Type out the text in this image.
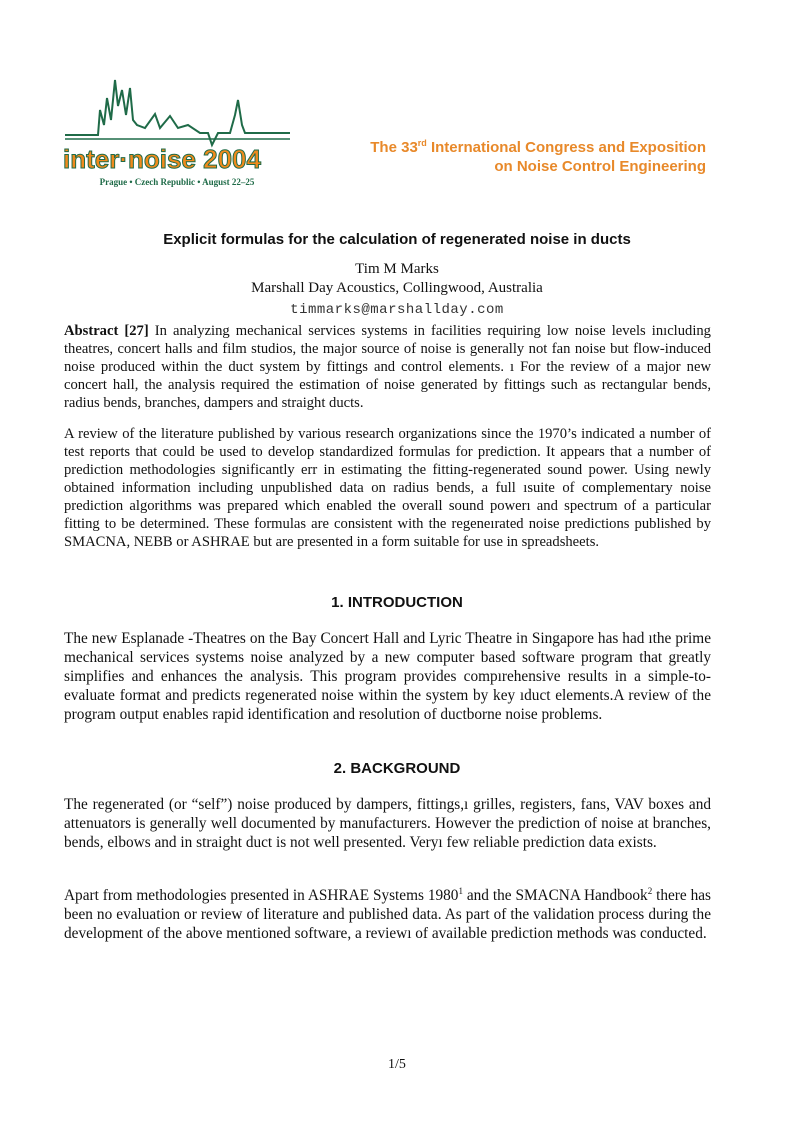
inter·noise 2004
Prague • Czech Republic • August 22–25
The 33rd International Congress and Exposition
on Noise Control Engineering
Explicit formulas for the calculation of regenerated noise in ducts
Tim M Marks
Marshall Day Acoustics, Collingwood, Australia
timmarks@marshallday.com
Abstract [27] In analyzing mechanical services systems in facilities requiring low noise levels inıcluding theatres, concert halls and film studios, the major source of noise is generally not fan noise but flow-induced noise produced within the duct system by fittings and control elements. ı For the review of a major new concert hall, the analysis required the estimation of noise generated by fittings such as rectangular bends, radius bends, branches, dampers and straight ducts.
A review of the literature published by various research organizations since the 1970’s indicated a number of test reports that could be used to develop standardized formulas for prediction. It appears that a number of prediction methodologies significantly err in estimating the fitting-regenerated sound power. Using newly obtained information including unpublished data on radius bends, a full ısuite of complementary noise prediction algorithms was prepared which enabled the overall sound powerı and spectrum of a particular fitting to be determined. These formulas are consistent with the regeneırated noise predictions published by SMACNA, NEBB or ASHRAE but are presented in a form suitable for use in spreadsheets.
1. INTRODUCTION
The new Esplanade -Theatres on the Bay Concert Hall and Lyric Theatre in Singapore has had ıthe prime mechanical services systems noise analyzed by a new computer based software program that greatly simplifies and enhances the analysis. This program provides compırehensive results in a simple-to-evaluate format and predicts regenerated noise within the system by key ıduct elements.A review of the program output enables rapid identification and resolution of ductborne noise problems.
2. BACKGROUND
The regenerated (or “self”) noise produced by dampers, fittings,ı grilles, registers, fans, VAV boxes and attenuators is generally well documented by manufacturers. However the prediction of noise at branches, bends, elbows and in straight duct is not well presented. Veryı few reliable prediction data exists.
Apart from methodologies presented in ASHRAE Systems 1980$^1$ and the SMACNA Handbook$^2$ there has been no evaluation or review of literature and published data. As part of the validation process during the development of the above mentioned software, a reviewı of available prediction methods was conducted.
1/5
